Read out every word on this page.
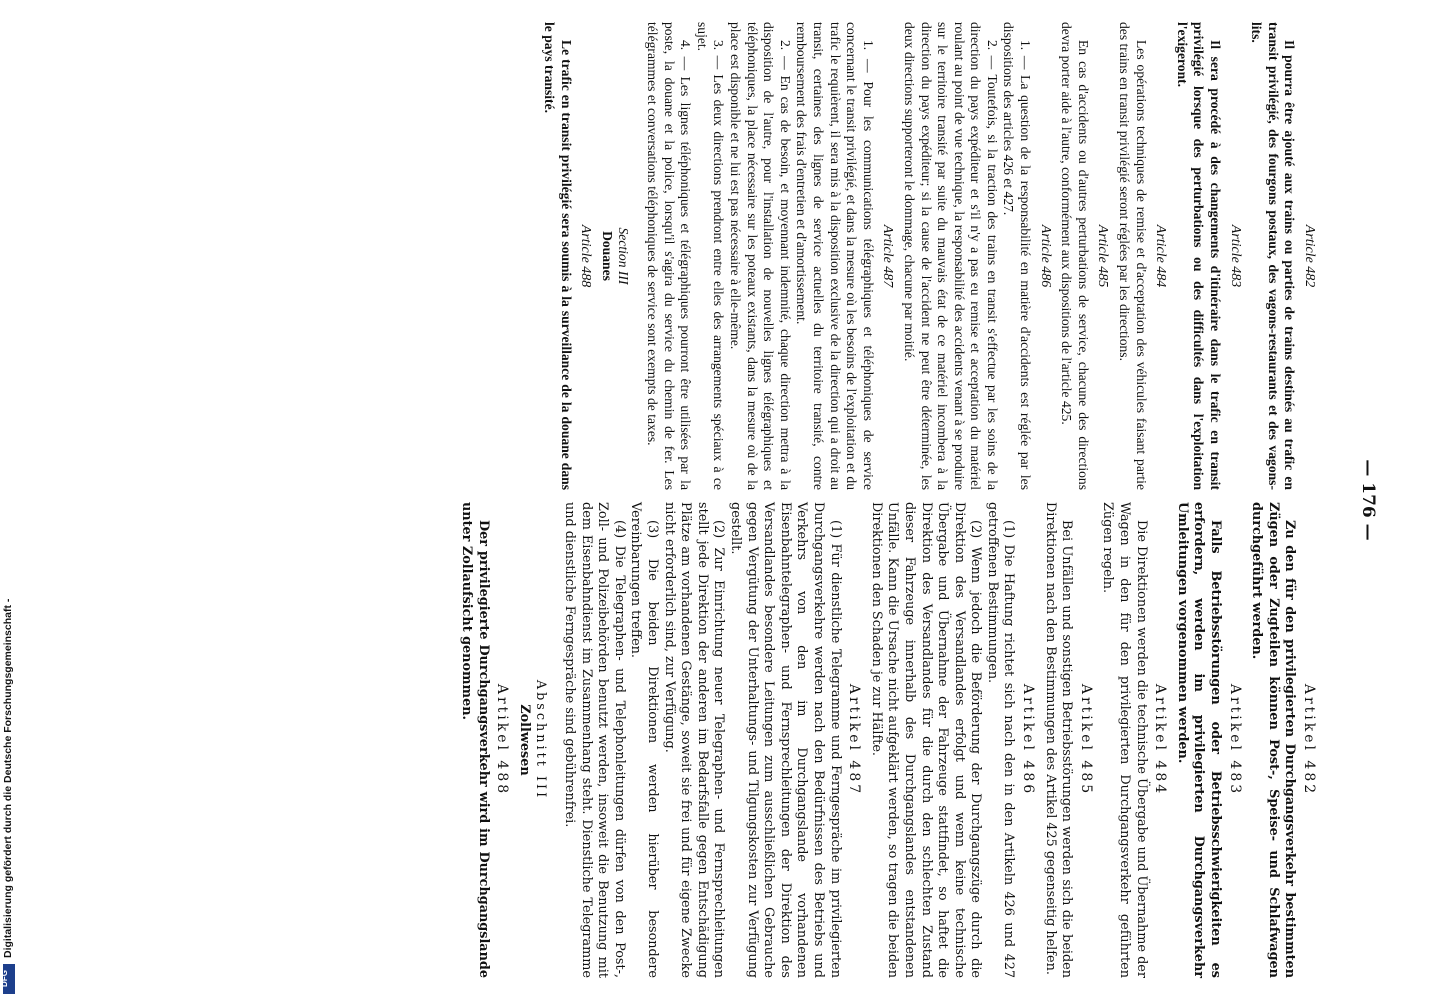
— 176 —
Article 482

Il pourra être ajouté aux trains ou parties de trains destinés au trafic en transit privilégié, des fourgons postaux, des vagons-restaurants et des vagons-lits.

Article 483

Il sera procédé à des changements d'itinéraire dans le trafic en transit privilégié lorsque des perturbations ou des difficultés dans l'exploitation l'exigeront.

Article 484

Les opérations techniques de remise et d'acceptation des véhicules faisant partie des trains en transit privilégié seront réglées par les directions.

Article 485

En cas d'accidents ou d'autres perturbations de service, chacune des directions devra porter aide à l'autre, conformément aux dispositions de l'article 425.

Article 486

1. — La question de la responsabilité en matière d'accidents est réglée par les dispositions des articles 426 et 427.

2. — Toutefois, si la traction des trains en transit s'effectue par les soins de la direction du pays expéditeur et s'il n'y a pas eu remise et acceptation du matériel roulant au point de vue technique, la responsabilité des accidents venant à se produire sur le territoire transité par suite du mauvais état de ce matériel incombera à la direction du pays expéditeur; si la cause de l'accident ne peut être déterminée, les deux directions supporteront le dommage, chacune par moitié.

Article 487

1. — Pour les communications télégraphiques et téléphoniques de service concernant le transit privilégié, et dans la mesure où les besoins de l'exploitation et du trafic le requièrent, il sera mis à la disposition exclusive de la direction qui a droit au transit, certaines des lignes de service actuelles du territoire transité, contre remboursement des frais d'entretien et d'amortissement.

2. — En cas de besoin, et moyennant indemnité, chaque direction mettra à la disposition de l'autre, pour l'installation de nouvelles lignes télégraphiques et téléphoniques, la place nécessaire sur les poteaux existants, dans la mesure où de la place est disponible et ne lui est pas nécessaire à elle-même.

3. — Les deux directions prendront entre elles des arrangements spéciaux à ce sujet.

4. — Les lignes téléphoniques et télégraphiques pourront être utilisées par la poste, la douane et la police, lorsqu'il s'agira du service du chemin de fer. Les télégrammes et conversations téléphoniques de service sont exempts de taxes.

Section III
Douanes
Article 488

Le trafic en transit privilégié sera soumis à la surveillance de la douane dans le pays transité.

Artikel 482

Zu den für den privilegierten Durchgangsverkehr bestimmten Zügen oder Zugteilen können Post-, Speise- und Schlafwagen durchgeführt werden.

Artikel 483

Falls Betriebsstörungen oder Betriebsschwierigkeiten es erfordern, werden im privilegierten Durchgangsverkehr Umleitungen vorgenommen werden.

Artikel 484

Die Direktionen werden die technische Übergabe und Übernahme der Wagen in den für den privilegierten Durchgangsverkehr geführten Zügen regeln.

Artikel 485

Bei Unfällen und sonstigen Betriebsstörungen werden sich die beiden Direktionen nach den Bestimmungen des Artikel 425 gegenseitig helfen.

Artikel 486

(1) Die Haftung richtet sich nach den in den Artikeln 426 und 427 getroffenen Bestimmungen.

(2) Wenn jedoch die Beförderung der Durchgangszüge durch die Direktion des Versandlandes erfolgt und wenn keine technische Übergabe und Übernahme der Fahrzeuge stattfindet, so haftet die Direktion des Versandlandes für die durch den schlechten Zustand dieser Fahrzeuge innerhalb des Durchgangslandes entstandenen Unfälle. Kann die Ursache nicht aufgeklärt werden, so tragen die beiden Direktionen den Schaden je zur Hälfte.

Artikel 487

(1) Für dienstliche Telegramme und Ferngespräche im privilegierten Durchgangsverkehre werden nach den Bedürfnissen des Betriebs und Verkehrs von den im Durchgangslande vorhandenen Eisenbahntelegraphen- und Fernsprechleitungen der Direktion des Versandlandes besondere Leitungen zum ausschließlichen Gebrauche gegen Vergütung der Unterhaltungs- und Tilgungskosten zur Verfügung gestellt.

(2) Zur Einrichtung neuer Telegraphen- und Fernsprechleitungen stellt jede Direktion der anderen im Bedarfsfalle gegen Entschädigung Plätze am vorhandenen Gestänge, soweit sie frei und für eigene Zwecke nicht erforderlich sind, zur Verfügung.

(3) Die beiden Direktionen werden hierüber besondere Vereinbarungen treffen.

(4) Die Telegraphen- und Telephonleitungen dürfen von den Post-, Zoll- und Polizeibehörden benutzt werden, insoweit die Benutzung mit dem Eisenbahndienst im Zusammenhang steht. Dienstliche Telegramme und dienstliche Ferngespräche sind gebührenfrei.

Abschnitt III
Zollwesen
Artikel 488

Der privilegierte Durchgangsverkehr wird im Durchgangslande unter Zollaufsicht genommen.

Digitalisierung gefördert durch die Deutsche Forschungsgemeinschaft -
DFG
